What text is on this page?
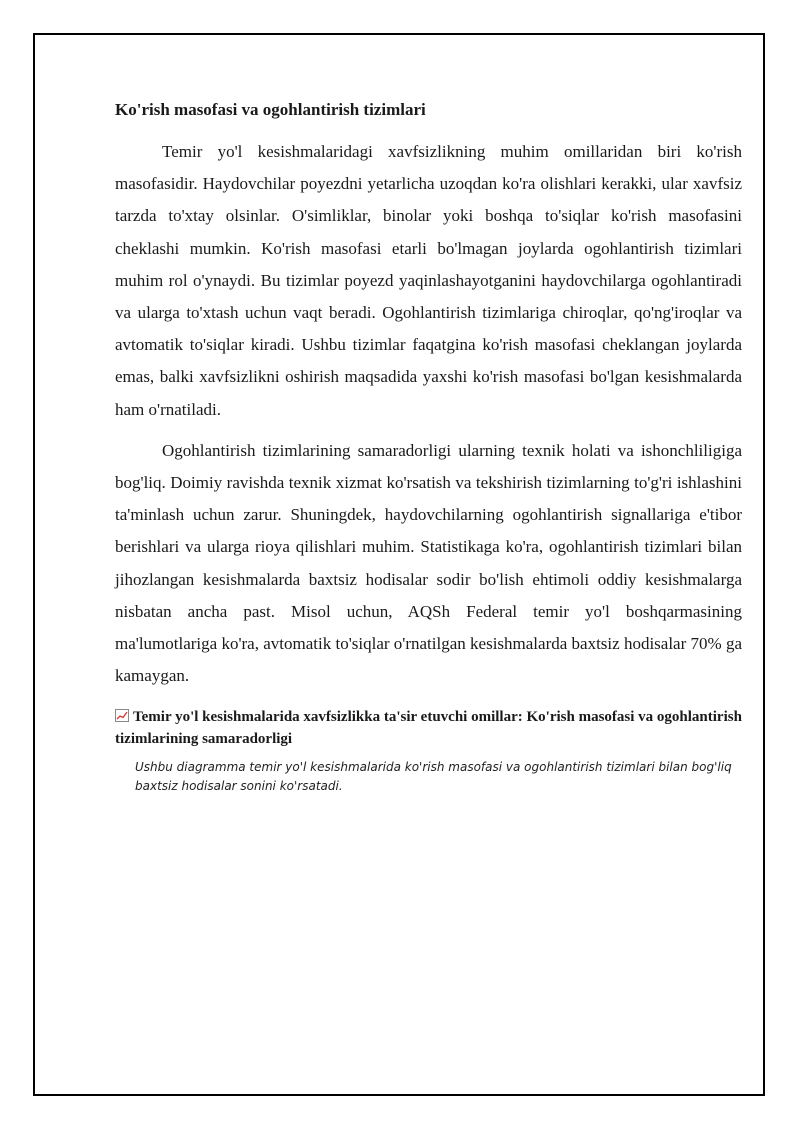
Ko'rish masofasi va ogohlantirish tizimlari

Temir yo'l kesishmalaridagi xavfsizlikning muhim omillaridan biri ko'rish masofasidir. Haydovchilar poyezdni yetarlicha uzoqdan ko'ra olishlari kerakki, ular xavfsiz tarzda to'xtay olsinlar. O'simliklar, binolar yoki boshqa to'siqlar ko'rish masofasini cheklashi mumkin. Ko'rish masofasi etarli bo'lmagan joylarda ogohlantirish tizimlari muhim rol o'ynaydi. Bu tizimlar poyezd yaqinlashayotganini haydovchilarga ogohlantiradi va ularga to'xtash uchun vaqt beradi. Ogohlantirish tizimlariga chiroqlar, qo'ng'iroqlar va avtomatik to'siqlar kiradi. Ushbu tizimlar faqatgina ko'rish masofasi cheklangan joylarda emas, balki xavfsizlikni oshirish maqsadida yaxshi ko'rish masofasi bo'lgan kesishmalarda ham o'rnatiladi.

Ogohlantirish tizimlarining samaradorligi ularning texnik holati va ishonchliligiga bog'liq. Doimiy ravishda texnik xizmat ko'rsatish va tekshirish tizimlarning to'g'ri ishlashini ta'minlash uchun zarur. Shuningdek, haydovchilarning ogohlantirish signallariga e'tibor berishlari va ularga rioya qilishlari muhim. Statistikaga ko'ra, ogohlantirish tizimlari bilan jihozlangan kesishmalarda baxtsiz hodisalar sodir bo'lish ehtimoli oddiy kesishmalarga nisbatan ancha past. Misol uchun, AQSh Federal temir yo'l boshqarmasining ma'lumotlariga ko'ra, avtomatik to'siqlar o'rnatilgan kesishmalarda baxtsiz hodisalar 70% ga kamaygan.

Temir yo'l kesishmalarida xavfsizlikka ta'sir etuvchi omillar: Ko'rish masofasi va ogohlantirish tizimlarining samaradorligi
Ushbu diagramma temir yo'l kesishmalarida ko'rish masofasi va ogohlantirish tizimlari bilan bog'liq baxtsiz hodisalar sonini ko'rsatadi.
